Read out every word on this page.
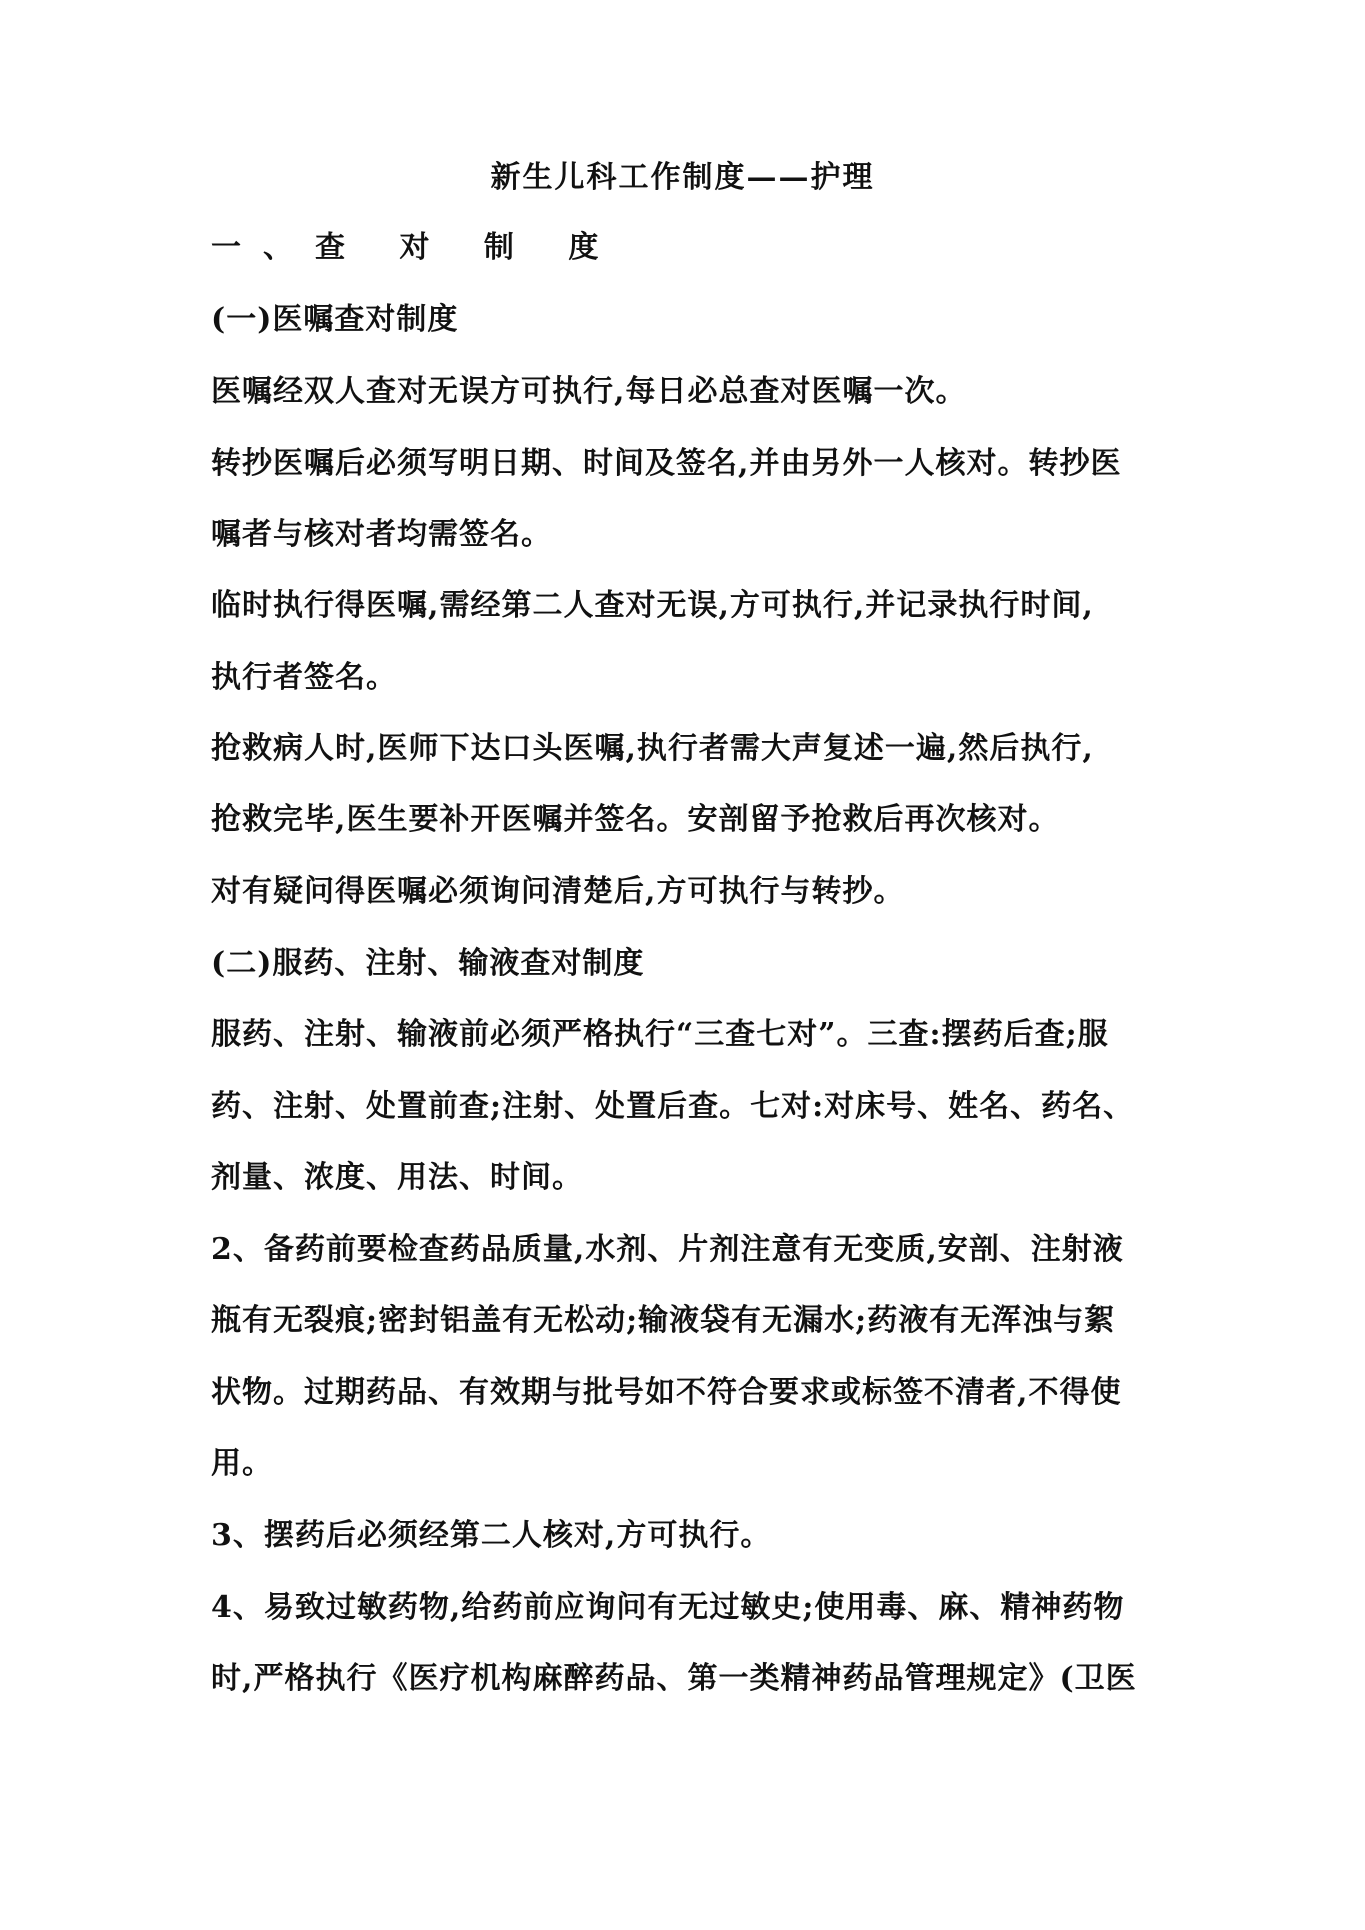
新生儿科工作制度——护理
一、查 对 制 度
(一)医嘱查对制度
医嘱经双人查对无误方可执行,每日必总查对医嘱一次。
转抄医嘱后必须写明日期、时间及签名,并由另外一人核对。转抄医
嘱者与核对者均需签名。
临时执行得医嘱,需经第二人查对无误,方可执行,并记录执行时间,
执行者签名。
抢救病人时,医师下达口头医嘱,执行者需大声复述一遍,然后执行,
抢救完毕,医生要补开医嘱并签名。安剖留予抢救后再次核对。
对有疑问得医嘱必须询问清楚后,方可执行与转抄。
(二)服药、注射、输液查对制度
服药、注射、输液前必须严格执行“三查七对”。三查:摆药后查;服
药、注射、处置前查;注射、处置后查。七对:对床号、姓名、药名、
剂量、浓度、用法、时间。
2、备药前要检查药品质量,水剂、片剂注意有无变质,安剖、注射液
瓶有无裂痕;密封铝盖有无松动;输液袋有无漏水;药液有无浑浊与絮
状物。过期药品、有效期与批号如不符合要求或标签不清者,不得使
用。
3、摆药后必须经第二人核对,方可执行。
4、易致过敏药物,给药前应询问有无过敏史;使用毒、麻、精神药物
时,严格执行《医疗机构麻醉药品、第一类精神药品管理规定》(卫医
